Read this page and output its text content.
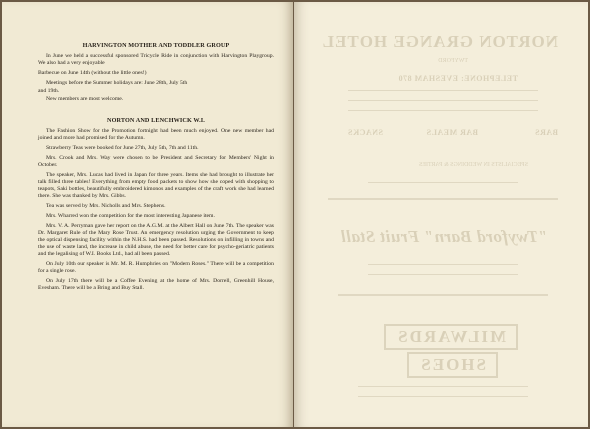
HARVINGTON MOTHER AND TODDLER GROUP

In June we held a successful sponsored Tricycle Ride in conjunction with Harvington Playgroup. We also had a very enjoyable

Barbecue on June 14th (without the little ones!)

Meetings before the Summer holidays are: June 28th, July 5th

and 19th.

New members are most welcome.

NORTON AND LENCHWICK W.I.

The Fashion Show for the Promotion fortnight had been much enjoyed. One new member had joined and more had promised for the Autumn.

Strawberry Teas were booked for June 27th, July 5th, 7th and 11th.

Mrs. Crook and Mrs. Way were chosen to be President and Secretary for Members' Night in October.

The speaker, Mrs. Lucas had lived in Japan for three years. Items she had brought to illustrate her talk filled three tables! Everything from empty food packets to show how she coped with shopping to teapots, Saki bottles, beautifully embroidered kimonos and examples of the craft work she had learned there. She was thanked by Mrs. Gibbs.

Tea was served by Mrs. Nicholls and Mrs. Stephens.

Mrs. Wharred won the competition for the most interesting Japanese item.

Mrs. V. A. Perryman gave her report on the A.G.M. at the Albert Hall on June 7th. The speaker was Dr. Margaret Rule of the Mary Rose Trust. An emergency resolution urging the Government to keep the optical dispensing facility within the N.H.S. had been passed. Resolutions on infilling in towns and the use of waste land, the increase in child abuse, the need for better care for psycho-geriatric patients and the legalising of W.I. Books Ltd., had all been passed.

On July 10th our speaker is Mr. M. R. Humphries on "Modern Roses." There will be a competition for a single rose.

On July 17th there will be a Coffee Evening at the home of Mrs. Dorrell, Greenhill House, Evesham. There will be a Bring and Buy Stall.

NORTON GRANGE HOTEL
TWYFORD
TELEPHONE: EVESHAM 870
BARS
BAR MEALS
SNACKS
SPECIALISTS IN WEDDINGS & PARTIES
"Twyford Barn" Fruit Stall
MILWARDS
SHOES
